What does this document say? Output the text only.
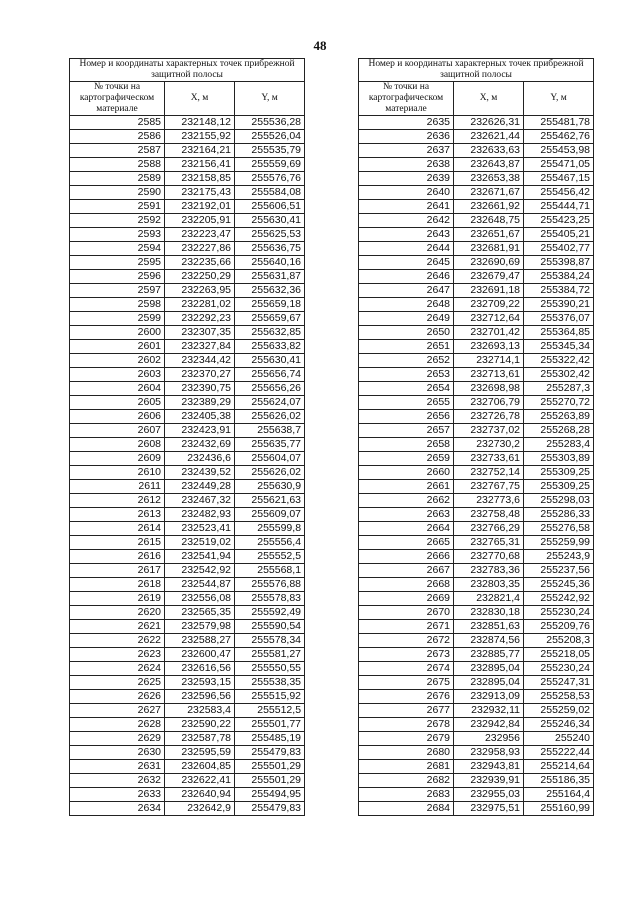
48
Номер и координаты характерных точек прибрежной защитной полосы		
№ точки на картографическом материале	X, м	Y, м
2585	232148,12	255536,28
2586	232155,92	255526,04
2587	232164,21	255535,79
2588	232156,41	255559,69
2589	232158,85	255576,76
2590	232175,43	255584,08
2591	232192,01	255606,51
2592	232205,91	255630,41
2593	232223,47	255625,53
2594	232227,86	255636,75
2595	232235,66	255640,16
2596	232250,29	255631,87
2597	232263,95	255632,36
2598	232281,02	255659,18
2599	232292,23	255659,67
2600	232307,35	255632,85
2601	232327,84	255633,82
2602	232344,42	255630,41
2603	232370,27	255656,74
2604	232390,75	255656,26
2605	232389,29	255624,07
2606	232405,38	255626,02
2607	232423,91	255638,7
2608	232432,69	255635,77
2609	232436,6	255604,07
2610	232439,52	255626,02
2611	232449,28	255630,9
2612	232467,32	255621,63
2613	232482,93	255609,07
2614	232523,41	255599,8
2615	232519,02	255556,4
2616	232541,94	255552,5
2617	232542,92	255568,1
2618	232544,87	255576,88
2619	232556,08	255578,83
2620	232565,35	255592,49
2621	232579,98	255590,54
2622	232588,27	255578,34
2623	232600,47	255581,27
2624	232616,56	255550,55
2625	232593,15	255538,35
2626	232596,56	255515,92
2627	232583,4	255512,5
2628	232590,22	255501,77
2629	232587,78	255485,19
2630	232595,59	255479,83
2631	232604,85	255501,29
2632	232622,41	255501,29
2633	232640,94	255494,95
2634	232642,9	255479,83
Номер и координаты характерных точек прибрежной защитной полосы		
№ точки на картографическом материале	X, м	Y, м
2635	232626,31	255481,78
2636	232621,44	255462,76
2637	232633,63	255453,98
2638	232643,87	255471,05
2639	232653,38	255467,15
2640	232671,67	255456,42
2641	232661,92	255444,71
2642	232648,75	255423,25
2643	232651,67	255405,21
2644	232681,91	255402,77
2645	232690,69	255398,87
2646	232679,47	255384,24
2647	232691,18	255384,72
2648	232709,22	255390,21
2649	232712,64	255376,07
2650	232701,42	255364,85
2651	232693,13	255345,34
2652	232714,1	255322,42
2653	232713,61	255302,42
2654	232698,98	255287,3
2655	232706,79	255270,72
2656	232726,78	255263,89
2657	232737,02	255268,28
2658	232730,2	255283,4
2659	232733,61	255303,89
2660	232752,14	255309,25
2661	232767,75	255309,25
2662	232773,6	255298,03
2663	232758,48	255286,33
2664	232766,29	255276,58
2665	232765,31	255259,99
2666	232770,68	255243,9
2667	232783,36	255237,56
2668	232803,35	255245,36
2669	232821,4	255242,92
2670	232830,18	255230,24
2671	232851,63	255209,76
2672	232874,56	255208,3
2673	232885,77	255218,05
2674	232895,04	255230,24
2675	232895,04	255247,31
2676	232913,09	255258,53
2677	232932,11	255259,02
2678	232942,84	255246,34
2679	232956	255240
2680	232958,93	255222,44
2681	232943,81	255214,64
2682	232939,91	255186,35
2683	232955,03	255164,4
2684	232975,51	255160,99
